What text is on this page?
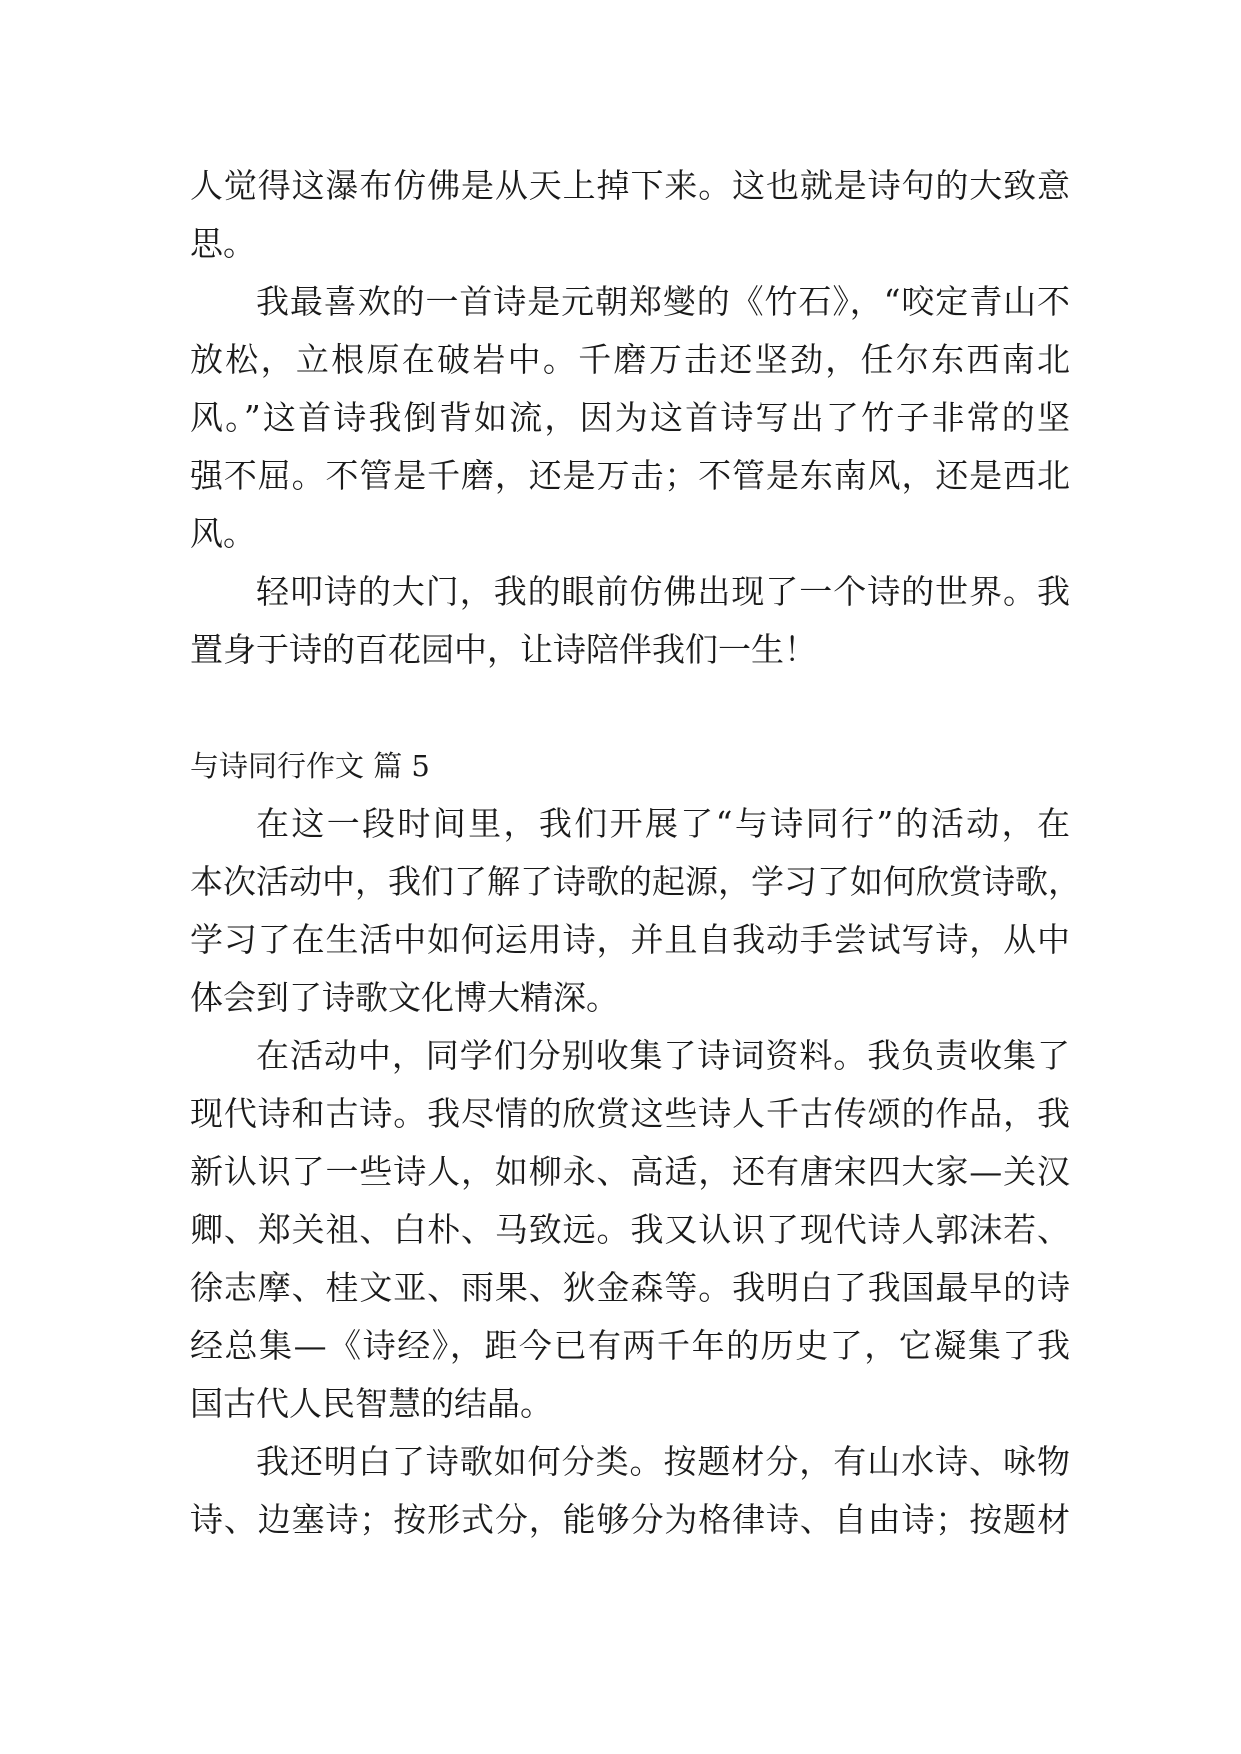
人觉得这瀑布仿佛是从天上掉下来。这也就是诗句的大致意
思。
我最喜欢的一首诗是元朝郑燮的《竹石》，“咬定青山不
放松，立根原在破岩中。千磨万击还坚劲，任尔东西南北
风。”这首诗我倒背如流，因为这首诗写出了竹子非常的坚
强不屈。不管是千磨，还是万击；不管是东南风，还是西北
风。
轻叩诗的大门，我的眼前仿佛出现了一个诗的世界。我
置身于诗的百花园中，让诗陪伴我们一生！
与诗同行作文 篇 5
在这一段时间里，我们开展了“与诗同行”的活动，在
本次活动中，我们了解了诗歌的起源，学习了如何欣赏诗歌，
学习了在生活中如何运用诗，并且自我动手尝试写诗，从中
体会到了诗歌文化博大精深。
在活动中，同学们分别收集了诗词资料。我负责收集了
现代诗和古诗。我尽情的欣赏这些诗人千古传颂的作品，我
新认识了一些诗人，如柳永、高适，还有唐宋四大家—关汉
卿、郑关祖、白朴、马致远。我又认识了现代诗人郭沫若、
徐志摩、桂文亚、雨果、狄金森等。我明白了我国最早的诗
经总集—《诗经》，距今已有两千年的历史了，它凝集了我
国古代人民智慧的结晶。
我还明白了诗歌如何分类。按题材分，有山水诗、咏物
诗、边塞诗；按形式分，能够分为格律诗、自由诗；按题材
